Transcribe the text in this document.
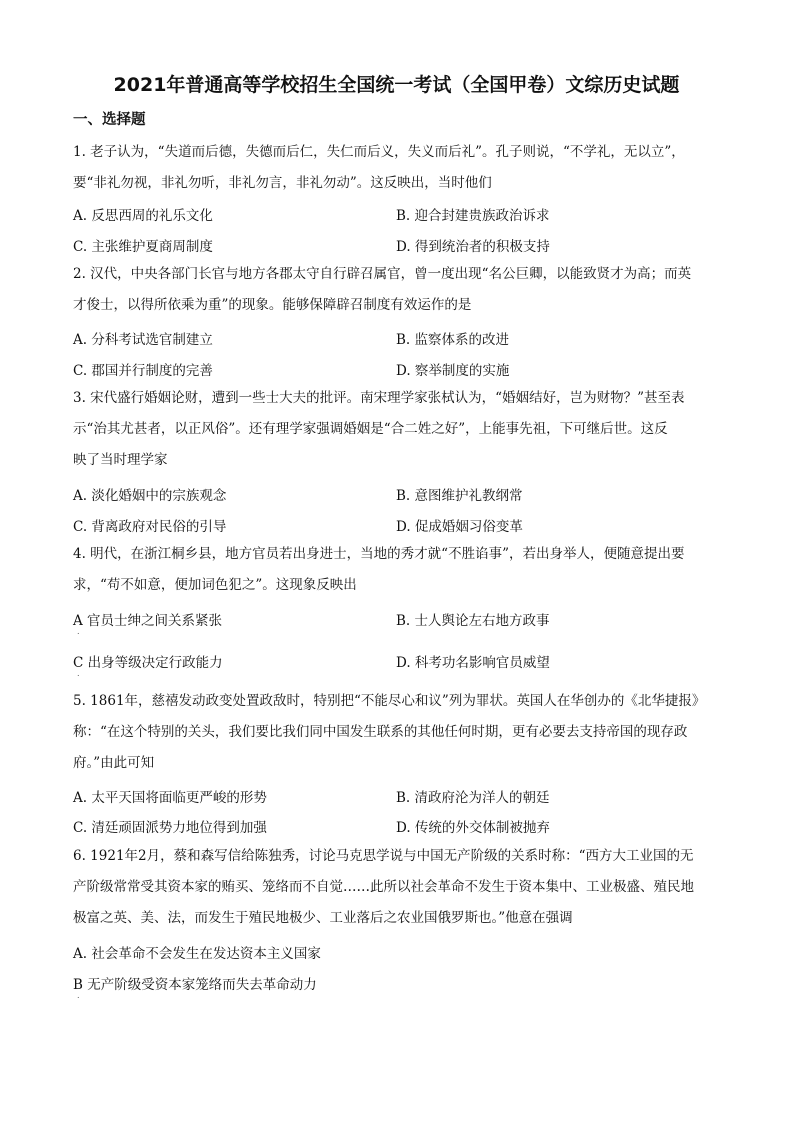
2021年普通高等学校招生全国统一考试（全国甲卷）文综历史试题
一、选择题
1. 老子认为，“失道而后德，失德而后仁，失仁而后义，失义而后礼”。孔子则说，“不学礼，无以立”，
要“非礼勿视，非礼勿听，非礼勿言，非礼勿动”。这反映出，当时他们
A. 反思西周的礼乐文化	B. 迎合封建贵族政治诉求
C. 主张维护夏商周制度	D. 得到统治者的积极支持
2. 汉代，中央各部门长官与地方各郡太守自行辟召属官，曾一度出现“名公巨卿，以能致贤才为高；而英
才俊士，以得所依乘为重”的现象。能够保障辟召制度有效运作的是
A. 分科考试选官制建立	B. 监察体系的改进
C. 郡国并行制度的完善	D. 察举制度的实施
3. 宋代盛行婚姻论财，遭到一些士大夫的批评。南宋理学家张栻认为，“婚姻结好，岂为财物？”甚至表
示“治其尤甚者，以正风俗”。还有理学家强调婚姻是“合二姓之好”，上能事先祖，下可继后世。这反
映了当时理学家
A. 淡化婚姻中的宗族观念	B. 意图维护礼教纲常
C. 背离政府对民俗的引导	D. 促成婚姻习俗变革
4. 明代，在浙江桐乡县，地方官员若出身进士，当地的秀才就“不胜谄事”，若出身举人，便随意提出要
求，“苟不如意，便加词色犯之”。这现象反映出
A 官员士绅之间关系紧张	B. 士人舆论左右地方政事
.
C 出身等级决定行政能力	D. 科考功名影响官员威望
.
5. 1861年，慈禧发动政变处置政敌时，特别把“不能尽心和议”列为罪状。英国人在华创办的《北华捷报》
称：“在这个特别的关头，我们要比我们同中国发生联系的其他任何时期，更有必要去支持帝国的现存政
府。”由此可知
A. 太平天国将面临更严峻的形势	B. 清政府沦为洋人的朝廷
C. 清廷顽固派势力地位得到加强	D. 传统的外交体制被抛弃
6. 1921年2月，蔡和森写信给陈独秀，讨论马克思学说与中国无产阶级的关系时称：“西方大工业国的无
产阶级常常受其资本家的贿买、笼络而不自觉……此所以社会革命不发生于资本集中、工业极盛、殖民地
极富之英、美、法，而发生于殖民地极少、工业落后之农业国俄罗斯也。”他意在强调
A. 社会革命不会发生在发达资本主义国家
B 无产阶级受资本家笼络而失去革命动力
.
